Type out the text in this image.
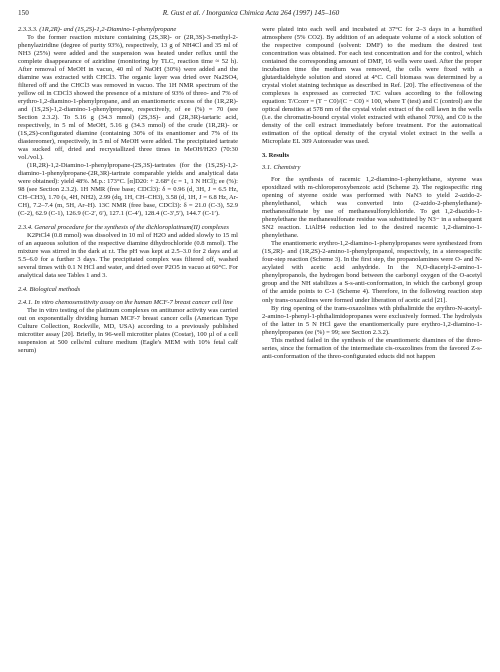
150	R. Gust et al. / Inorganica Chimica Acta 264 (1997) 145–160

2.3.3.3. (1R,2R)- and (1S,2S)-1,2-Diamino-1-phenylpropane

To the former reaction mixture containing (2S,3R)- or (2R,3S)-3-methyl-2-phenylaziridine (degree of purity 93%), respectively, 13 g of NH4Cl and 35 ml of NH3 (25%) were added and the suspension was heated under reflux until the complete disappearance of aziridine (monitoring by TLC, reaction time ≈ 52 h). After removal of MeOH in vacuo, 40 ml of NaOH (30%) were added and the diamine was extracted with CHCl3. The organic layer was dried over Na2SO4, filtered off and the CHCl3 was removed in vacuo. The 1H NMR spectrum of the yellow oil in CDCl3 showed the presence of a mixture of 93% of threo- and 7% of erythro-1,2-diamino-1-phenylpropane, and an enantiomeric excess of the (1R,2R)- and (1S,2S)-1,2-diamino-1-phenylpropane, respectively, of ee (%) = 70 (see Section 2.3.2). To 5.16 g (34.3 mmol) (2S,3S)- and (2R,3R)-tartaric acid, respectively, in 5 ml of MeOH, 5.16 g (34.3 mmol) of the crude (1R,2R)- or (1S,2S)-configurated diamine (containing 30% of its enantiomer and 7% of its diastereomer), respectively, in 5 ml of MeOH were added. The precipitated tartrate was sucked off, dried and recrystallized three times in MeOH/H2O (70:30 vol./vol.).

(1R,2R)-1,2-Diamino-1-phenylpropane-(2S,3S)-tartrates (for the (1S,2S)-1,2-diamino-1-phenylpropane-(2R,3R)-tartrate comparable yields and analytical data were obtained): yield 48%. M.p.: 173°C. [α]D20: + 2.68° (c = 1, 1 N HCl); ee (%): 98 (see Section 2.3.2). 1H NMR (free base; CDCl3): δ = 0.96 (d, 3H, J = 6.5 Hz, CH–CH3), 1.70 (s, 4H, NH2), 2.99 (dq, 1H, CH–CH3), 3.58 (d, 1H, J = 6.8 Hz, Ar-CH), 7.2–7.4 (m, 5H, Ar–H). 13C NMR (free base, CDCl3): δ = 21.0 (C-3), 52.9 (C-2), 62.9 (C-1), 126.9 (C-2′, 6′), 127.1 (C-4′), 128.4 (C-3′,5′), 144.7 (C-1′).

2.3.4. General procedure for the synthesis of the dichloroplatinum(II) complexes

K2PtCl4 (0.8 mmol) was dissolved in 10 ml of H2O and added slowly to 15 ml of an aqueous solution of the respective diamine dihydrochloride (0.8 mmol). The mixture was stirred in the dark at r.t. The pH was kept at 2.5–3.0 for 2 days and at 5.5–6.0 for a further 3 days. The precipitated complex was filtered off, washed several times with 0.1 N HCl and water, and dried over P2O5 in vacuo at 60°C. For analytical data see Tables 1 and 3.

2.4. Biological methods

2.4.1. In vitro chemosensitivity assay on the human MCF-7 breast cancer cell line

The in vitro testing of the platinum complexes on antitumor activity was carried out on exponentially dividing human MCF-7 breast cancer cells (American Type Culture Collection, Rockville, MD, USA) according to a previously published microtiter assay [20]. Briefly, in 96-well microtiter plates (Costar), 100 µl of a cell suspension at 500 cells/ml culture medium (Eagle's MEM with 10% fetal calf serum)

were plated into each well and incubated at 37°C for 2–3 days in a humified atmosphere (5% CO2). By addition of an adequate volume of a stock solution of the respective compound (solvent: DMF) to the medium the desired test concentration was obtained. For each test concentration and for the control, which contained the corresponding amount of DMF, 16 wells were used. After the proper incubation time the medium was removed, the cells were fixed with a glutardialdehyde solution and stored at 4°C. Cell biomass was determined by a crystal violet staining technique as described in Ref. [20]. The effectiveness of the complexes is expressed as corrected T/C values according to the following equation: T/Ccorr = (T − C0)/(C − C0) × 100, where T (test) and C (control) are the optical densities at 578 nm of the crystal violet extract of the cell lawn in the wells (i.e. the chromatin-bound crystal violet extracted with ethanol 70%), and C0 is the density of the cell extract immediately before treatment. For the automatical estimation of the optical density of the crystal violet extract in the wells a Microplate EL 309 Autoreader was used.

3. Results

3.1. Chemistry

For the synthesis of racemic 1,2-diamino-1-phenylethane, styrene was epoxidized with m-chloroperoxybenzoic acid (Scheme 2). The regiospecific ring opening of styrene oxide was performed with NaN3 to yield 2-azido-2-phenylethanol, which was converted into (2-azido-2-phenylethane)-methanesulfonate by use of methanesulfonylchloride. To get 1,2-diazido-1-phenylethane the methanesulfonate residue was substituted by N3− in a subsequent SN2 reaction. LiAlH4 reduction led to the desired racemic 1,2-diamino-1-phenylethane.

The enantiomeric erythro-1,2-diamino-1-phenylpropanes were synthesized from (1S,2R)- and (1R,2S)-2-amino-1-phenylpropanol, respectively, in a stereospecific four-step reaction (Scheme 3). In the first step, the propanolamines were O- and N-acylated with acetic acid anhydride. In the N,O-diacetyl-2-amino-1-phenylpropanols, the hydrogen bond between the carbonyl oxygen of the O-acetyl group and the NH stabilizes a S-s-anti-conformation, in which the carbonyl group of the amide points to C-1 (Scheme 4). Therefore, in the following reaction step only trans-oxazolines were formed under liberation of acetic acid [21].

By ring opening of the trans-oxazolines with phthalimide the erythro-N-acetyl-2-amino-1-phenyl-1-phthalimidopropanes were exclusively formed. The hydrolysis of the latter in 5 N HCl gave the enantiomerically pure erythro-1,2-diamino-1-phenylpropanes (ee (%) = 99; see Section 2.3.2).

This method failed in the synthesis of the enantiomeric diamines of the threo-series, since the formation of the intermediate cis-oxazolines from the favored Z-s-anti-conformation of the threo-configurated educts did not happen
